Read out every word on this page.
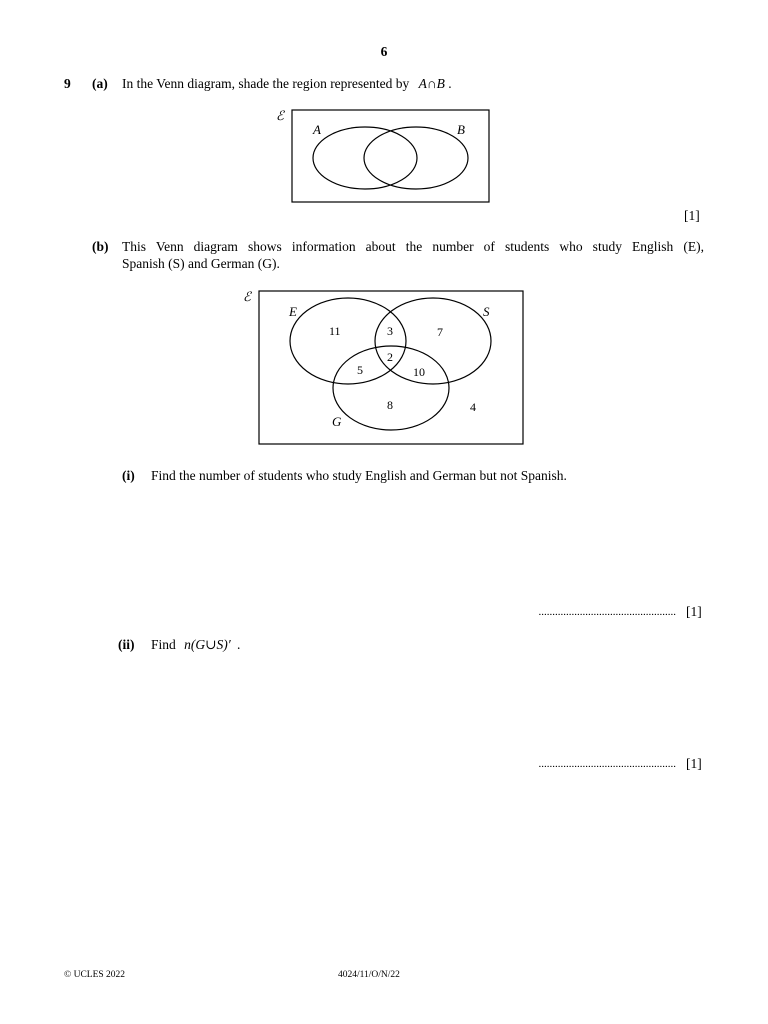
6
9 (a) In the Venn diagram, shade the region represented by A∩B .
ℰ
A	B
[1]
(b) This Venn diagram shows information about the number of students who study English (E),
Spanish (S) and German (G).
ℰ
E	S
G
11	3	7
2
5	10
8	4
(i) Find the number of students who study English and German but not Spanish.
.................................................. [1]
(ii) Find n(G∪S)′ .
.................................................. [1]
© UCLES 2022	4024/11/O/N/22
